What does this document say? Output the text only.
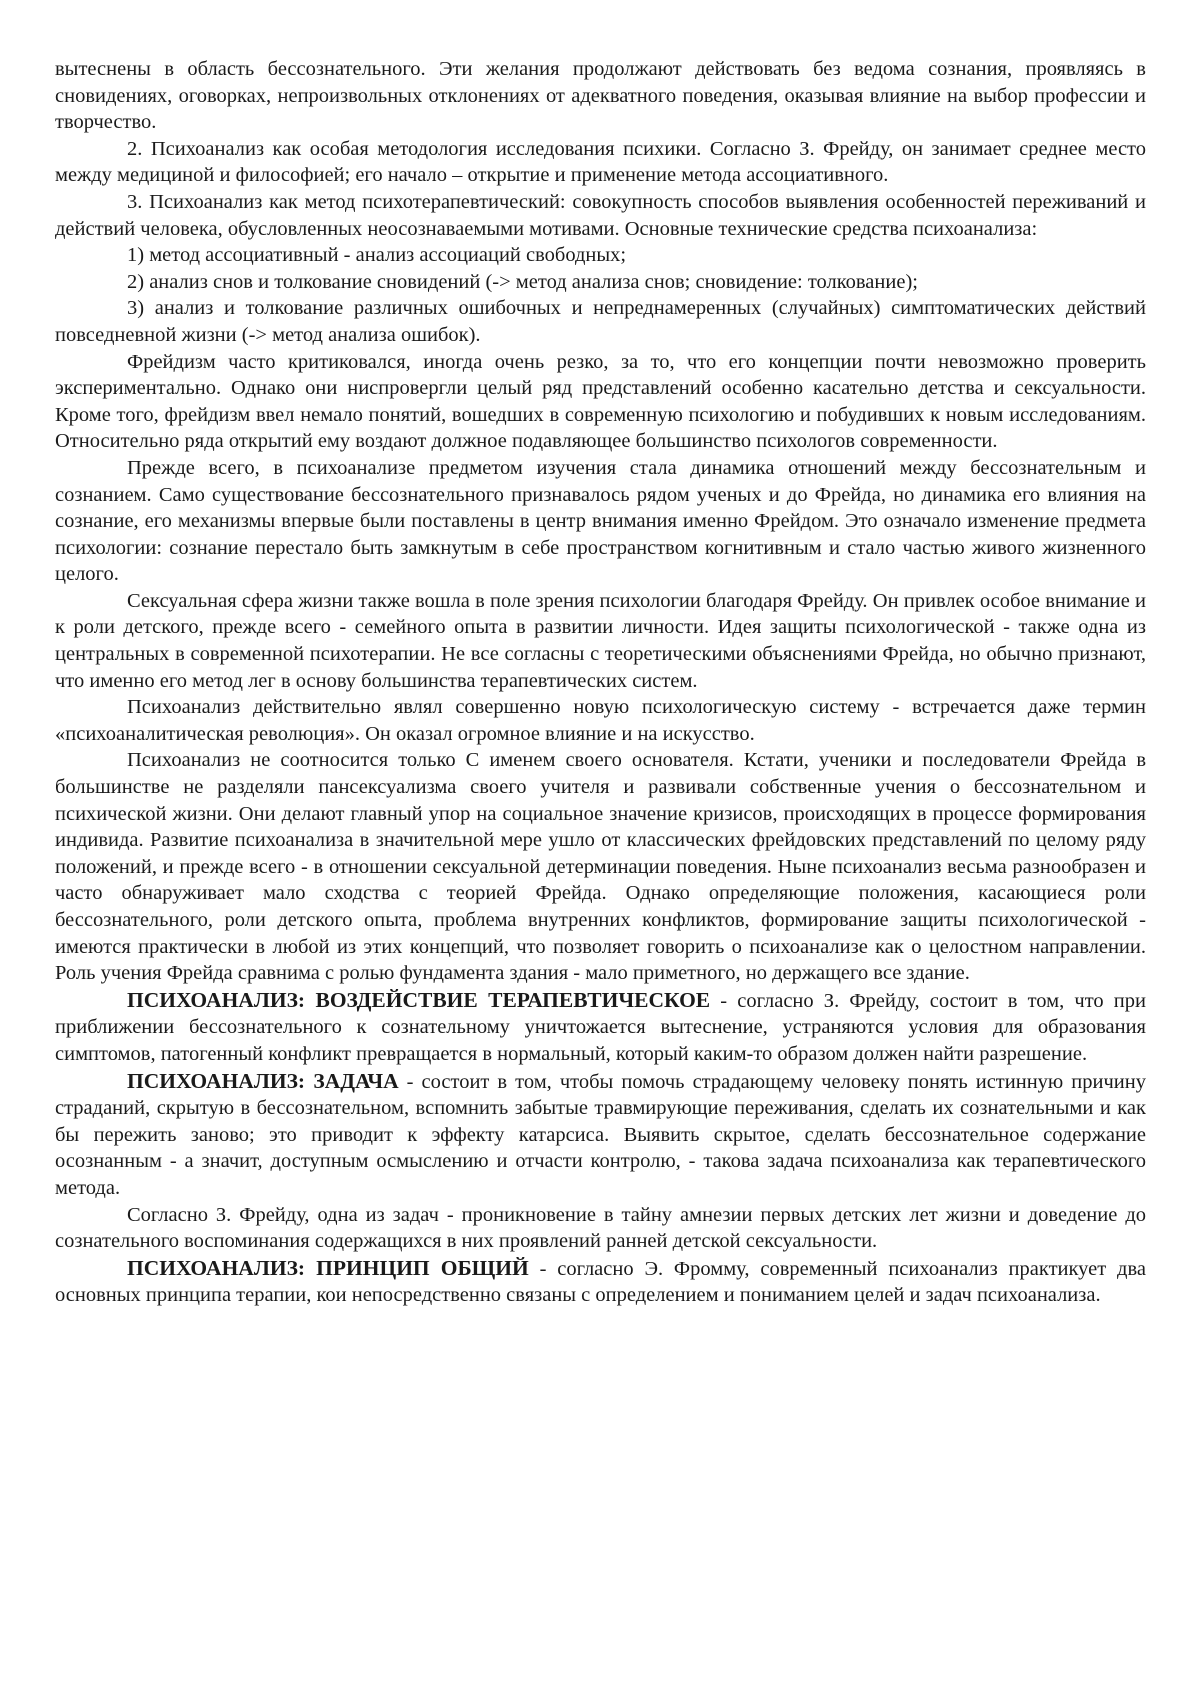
вытеснены в область бессознательного. Эти желания продолжают действовать без ведома сознания, проявляясь в сновидениях, оговорках, непроизвольных отклонениях от адекватного поведения, оказывая влияние на выбор профессии и творчество.

2. Психоанализ как особая методология исследования психики. Согласно З. Фрейду, он занимает среднее место между медициной и философией; его начало – открытие и применение метода ассоциативного.

3. Психоанализ как метод психотерапевтический: совокупность способов выявления особенностей переживаний и действий человека, обусловленных неосознаваемыми мотивами. Основные технические средства психоанализа:

1) метод ассоциативный - анализ ассоциаций свободных;

2) анализ снов и толкование сновидений (-> метод анализа снов; сновидение: толкование);

3) анализ и толкование различных ошибочных и непреднамеренных (случайных) симптоматических действий повседневной жизни (-> метод анализа ошибок).

Фрейдизм часто критиковался, иногда очень резко, за то, что его концепции почти невозможно проверить экспериментально. Однако они ниспровергли целый ряд представлений особенно касательно детства и сексуальности. Кроме того, фрейдизм ввел немало понятий, вошедших в современную психологию и побудивших к новым исследованиям. Относительно ряда открытий ему воздают должное подавляющее большинство психологов современности.

Прежде всего, в психоанализе предметом изучения стала динамика отношений между бессознательным и сознанием. Само существование бессознательного признавалось рядом ученых и до Фрейда, но динамика его влияния на сознание, его механизмы впервые были поставлены в центр внимания именно Фрейдом. Это означало изменение предмета психологии: сознание перестало быть замкнутым в себе пространством когнитивным и стало частью живого жизненного целого.

Сексуальная сфера жизни также вошла в поле зрения психологии благодаря Фрейду. Он привлек особое внимание и к роли детского, прежде всего - семейного опыта в развитии личности. Идея защиты психологической - также одна из центральных в современной психотерапии. Не все согласны с теоретическими объяснениями Фрейда, но обычно признают, что именно его метод лег в основу большинства терапевтических систем.

Психоанализ действительно являл совершенно новую психологическую систему - встречается даже термин «психоаналитическая революция». Он оказал огромное влияние и на искусство.

Психоанализ не соотносится только С именем своего основателя. Кстати, ученики и последователи Фрейда в большинстве не разделяли пансексуализма своего учителя и развивали собственные учения о бессознательном и психической жизни. Они делают главный упор на социальное значение кризисов, происходящих в процессе формирования индивида. Развитие психоанализа в значительной мере ушло от классических фрейдовских представлений по целому ряду положений, и прежде всего - в отношении сексуальной детерминации поведения. Ныне психоанализ весьма разнообразен и часто обнаруживает мало сходства с теорией Фрейда. Однако определяющие положения, касающиеся роли бессознательного, роли детского опыта, проблема внутренних конфликтов, формирование защиты психологической - имеются практически в любой из этих концепций, что позволяет говорить о психоанализе как о целостном направлении. Роль учения Фрейда сравнима с ролью фундамента здания - мало приметного, но держащего все здание.

ПСИХОАНАЛИЗ: ВОЗДЕЙСТВИЕ ТЕРАПЕВТИЧЕСКОЕ - согласно З. Фрейду, состоит в том, что при приближении бессознательного к сознательному уничтожается вытеснение, устраняются условия для образования симптомов, патогенный конфликт превращается в нормальный, который каким-то образом должен найти разрешение.

ПСИХОАНАЛИЗ: ЗАДАЧА - состоит в том, чтобы помочь страдающему человеку понять истинную причину страданий, скрытую в бессознательном, вспомнить забытые травмирующие переживания, сделать их сознательными и как бы пережить заново; это приводит к эффекту катарсиса. Выявить скрытое, сделать бессознательное содержание осознанным - а значит, доступным осмыслению и отчасти контролю, - такова задача психоанализа как терапевтического метода.

Согласно З. Фрейду, одна из задач - проникновение в тайну амнезии первых детских лет жизни и доведение до сознательного воспоминания содержащихся в них проявлений ранней детской сексуальности.

ПСИХОАНАЛИЗ: ПРИНЦИП ОБЩИЙ - согласно Э. Фромму, современный психоанализ практикует два основных принципа терапии, кои непосредственно связаны с определением и пониманием целей и задач психоанализа.
